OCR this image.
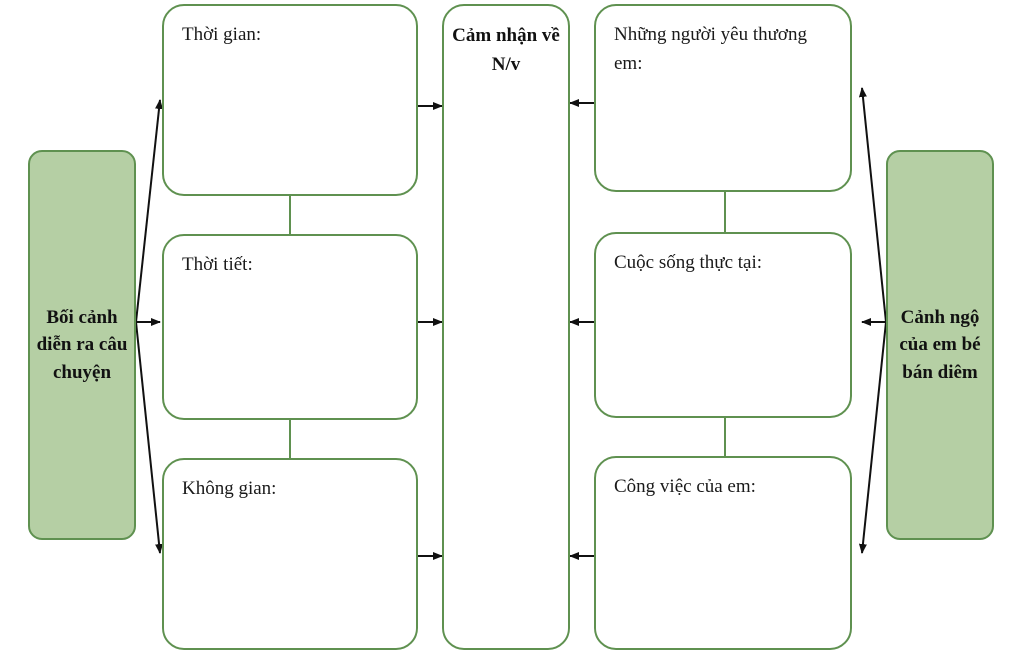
Bối cảnh diễn ra câu chuyện
Thời gian:
Thời tiết:
Không gian:
Cảm nhận về N/v
Những người yêu thương em:
Cuộc sống thực tại:
Công việc của em:
Cảnh ngộ của em bé bán diêm
